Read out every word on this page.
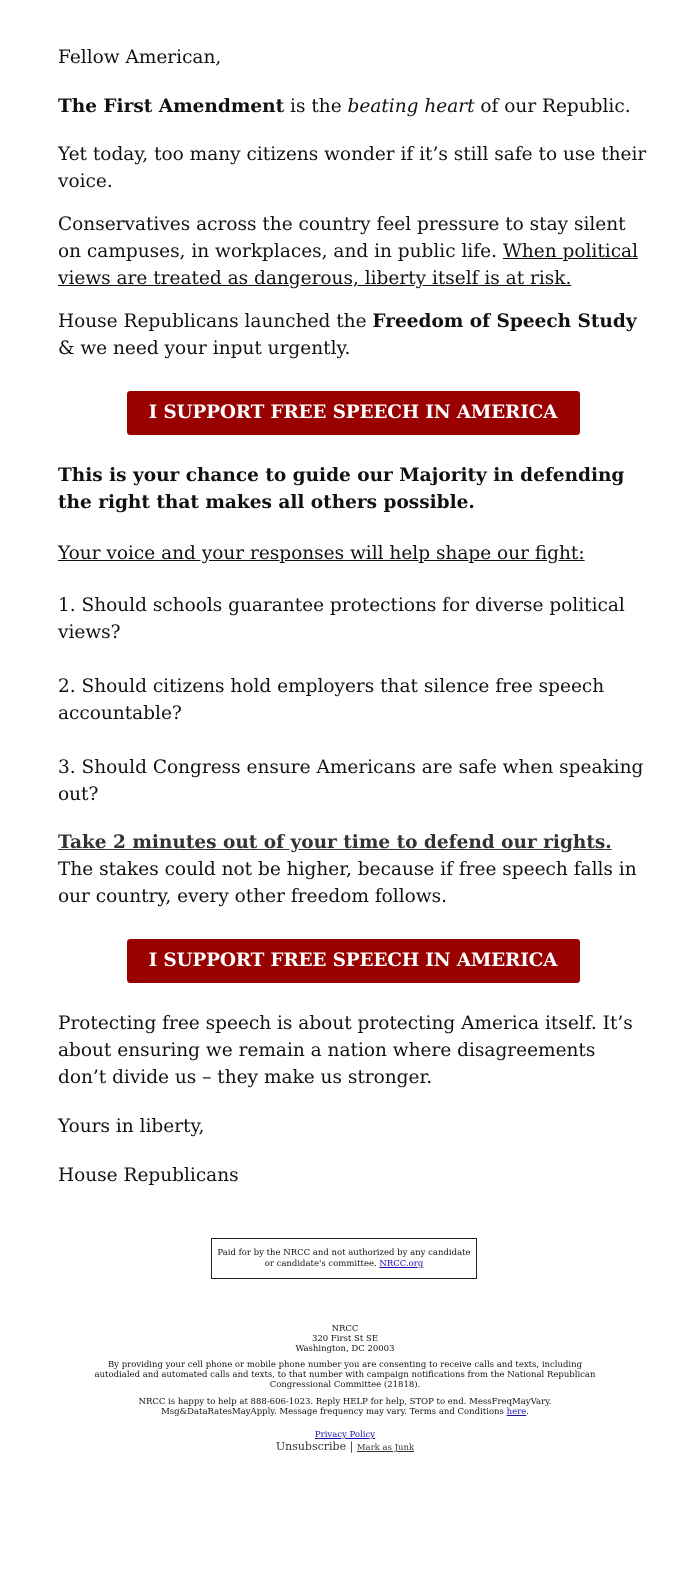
Fellow American,

The First Amendment is the beating heart of our Republic.

Yet today, too many citizens wonder if it’s still safe to use their voice.

Conservatives across the country feel pressure to stay silent on campuses, in workplaces, and in public life. When political views are treated as dangerous, liberty itself is at risk.

House Republicans launched the Freedom of Speech Study & we need your input urgently.

I SUPPORT FREE SPEECH IN AMERICA

This is your chance to guide our Majority in defending the right that makes all others possible.

Your voice and your responses will help shape our fight:

1. Should schools guarantee protections for diverse political views?

2. Should citizens hold employers that silence free speech accountable?

3. Should Congress ensure Americans are safe when speaking out?

Take 2 minutes out of your time to defend our rights.
The stakes could not be higher, because if free speech falls in our country, every other freedom follows.

I SUPPORT FREE SPEECH IN AMERICA

Protecting free speech is about protecting America itself. It’s about ensuring we remain a nation where disagreements don’t divide us – they make us stronger.

Yours in liberty,

House Republicans

Paid for by the NRCC and not authorized by any candidate or candidate's committee. NRCC.org
NRCC
320 First St SE
Washington, DC 20003
By providing your cell phone or mobile phone number you are consenting to receive calls and texts, including autodialed and automated calls and texts, to that number with campaign notifications from the National Republican Congressional Committee (21818).
NRCC is happy to help at 888-606-1023. Reply HELP for help, STOP to end. MessFreqMayVary. Msg&DataRatesMayApply. Message frequency may vary. Terms and Conditions here.
Privacy Policy
Unsubscribe | Mark as Junk
